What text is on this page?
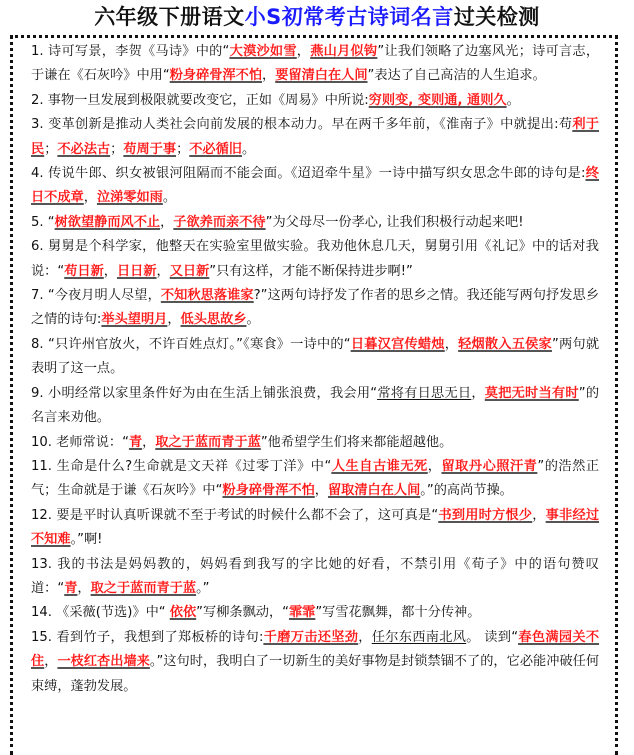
六年级下册语文小S初常考古诗词名言过关检测

1. 诗可写景，李贺《马诗》中的“大漠沙如雪，燕山月似钩”让我们领略了边塞风光；诗可言志，于谦在《石灰吟》中用“粉身碎骨浑不怕，要留清白在人间”表达了自己高洁的人生追求。

2. 事物一旦发展到极限就要改变它，正如《周易》中所说:穷则变, 变则通, 通则久。

3. 变革创新是推动人类社会向前发展的根本动力。早在两千多年前，《淮南子》中就提出:苟利于民；不必法古；苟周于事；不必循旧。

4. 传说牛郎、织女被银河阻隔而不能会面。《迢迢牵牛星》一诗中描写织女思念牛郎的诗句是:终日不成章，泣涕零如雨。

5. “树欲望静而风不止，子欲养而亲不待”为父母尽一份孝心, 让我们积极行动起来吧!

6. 舅舅是个科学家，他整天在实验室里做实验。我劝他休息几天，舅舅引用《礼记》中的话对我说：“苟日新，日日新，又日新”只有这样，才能不断保持进步啊!”

7. “今夜月明人尽望，不知秋思落谁家?”这两句诗抒发了作者的思乡之情。我还能写两句抒发思乡之情的诗句:举头望明月，低头思故乡。

8. “只许州官放火，不许百姓点灯。”《寒食》一诗中的“日暮汉宫传蜡烛，轻烟散入五侯家”两句就表明了这一点。

9. 小明经常以家里条件好为由在生活上铺张浪费，我会用“常将有日思无日，莫把无时当有时”的名言来劝他。

10. 老师常说：“青，取之于蓝而青于蓝”他希望学生们将来都能超越他。

11. 生命是什么?生命就是文天祥《过零丁洋》中“人生自古谁无死，留取丹心照汗青”的浩然正气；生命就是于谦《石灰吟》中“粉身碎骨浑不怕，留取清白在人间。”的高尚节操。

12. 要是平时认真听课就不至于考试的时候什么都不会了，这可真是“书到用时方恨少，事非经过不知难。”啊!

13. 我的书法是妈妈教的，妈妈看到我写的字比她的好看，不禁引用《荀子》中的语句赞叹道：“青，取之于蓝而青于蓝。”

14. 《采薇(节选)》中“ 依依”写柳条飘动，“霏霏”写雪花飘舞，都十分传神。

15. 看到竹子，我想到了郑板桥的诗句:千磨万击还坚劲，任尔东西南北风。 读到“春色满园关不住，一枝红杏出墙来。”这句时，我明白了一切新生的美好事物是封锁禁锢不了的，它必能冲破任何束缚，蓬勃发展。
